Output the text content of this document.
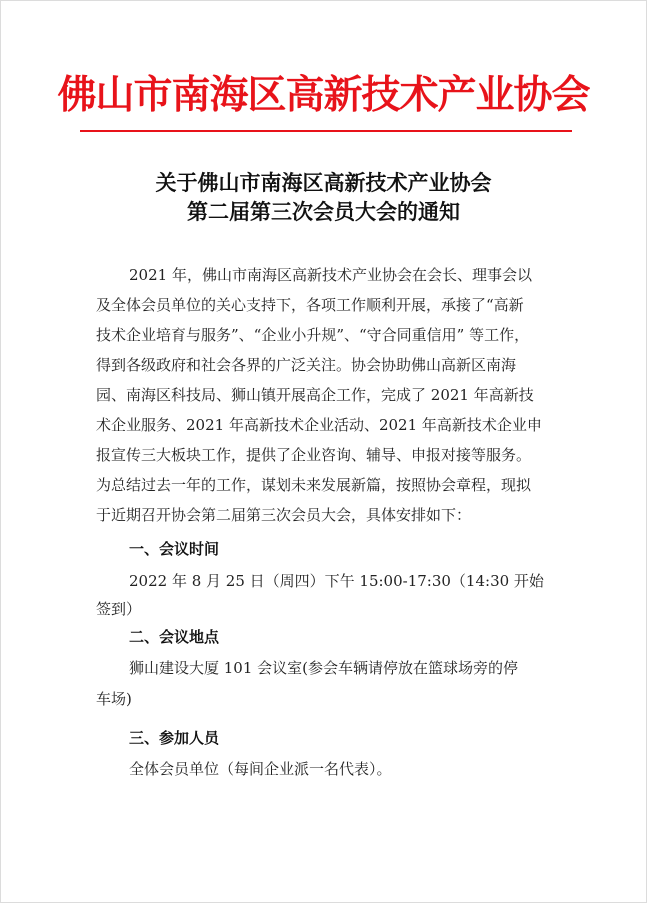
佛山市南海区高新技术产业协会
关于佛山市南海区高新技术产业协会
第二届第三次会员大会的通知
2021 年，佛山市南海区高新技术产业协会在会长、理事会以
及全体会员单位的关心支持下，各项工作顺利开展，承接了“高新
技术企业培育与服务”、“企业小升规”、“守合同重信用” 等工作，
得到各级政府和社会各界的广泛关注。协会协助佛山高新区南海
园、南海区科技局、狮山镇开展高企工作，完成了 2021 年高新技
术企业服务、2021 年高新技术企业活动、2021 年高新技术企业申
报宣传三大板块工作，提供了企业咨询、辅导、申报对接等服务。
为总结过去一年的工作，谋划未来发展新篇，按照协会章程，现拟
于近期召开协会第二届第三次会员大会，具体安排如下：
一、会议时间
2022 年 8 月 25 日（周四）下午 15:00-17:30（14:30 开始
签到）
二、会议地点
狮山建设大厦 101 会议室(参会车辆请停放在篮球场旁的停
车场)
三、参加人员
全体会员单位（每间企业派一名代表）。
